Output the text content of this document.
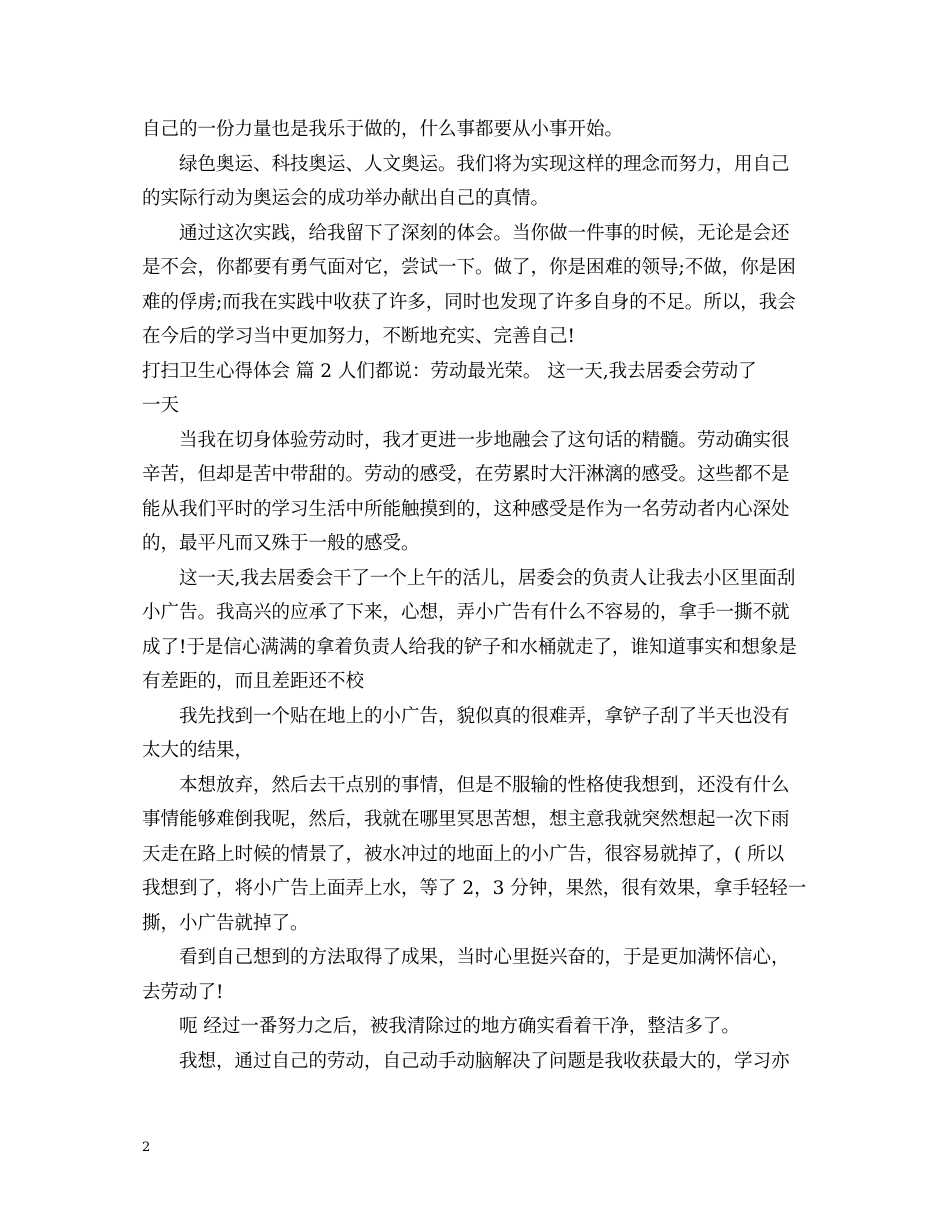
自己的一份力量也是我乐于做的，什么事都要从小事开始。
绿色奥运、科技奥运、人文奥运。我们将为实现这样的理念而努力，用自己
的实际行动为奥运会的成功举办献出自己的真情。
通过这次实践，给我留下了深刻的体会。当你做一件事的时候，无论是会还
是不会，你都要有勇气面对它，尝试一下。做了，你是困难的领导;不做，你是困
难的俘虏;而我在实践中收获了许多，同时也发现了许多自身的不足。所以，我会
在今后的学习当中更加努力，不断地充实、完善自己!
打扫卫生心得体会 篇 2 人们都说：劳动最光荣。 这一天,我去居委会劳动了
一天
当我在切身体验劳动时，我才更进一步地融会了这句话的精髓。劳动确实很
辛苦，但却是苦中带甜的。劳动的感受，在劳累时大汗淋漓的感受。这些都不是
能从我们平时的学习生活中所能触摸到的，这种感受是作为一名劳动者内心深处
的，最平凡而又殊于一般的感受。
这一天,我去居委会干了一个上午的活儿，居委会的负责人让我去小区里面刮
小广告。我高兴的应承了下来，心想，弄小广告有什么不容易的，拿手一撕不就
成了!于是信心满满的拿着负责人给我的铲子和水桶就走了，谁知道事实和想象是
有差距的，而且差距还不校
我先找到一个贴在地上的小广告，貌似真的很难弄，拿铲子刮了半天也没有
太大的结果，
本想放弃，然后去干点别的事情，但是不服输的性格使我想到，还没有什么
事情能够难倒我呢，然后，我就在哪里冥思苦想，想主意我就突然想起一次下雨
天走在路上时候的情景了，被水冲过的地面上的小广告，很容易就掉了，( 所以
我想到了，将小广告上面弄上水，等了 2，3 分钟，果然，很有效果，拿手轻轻一
撕，小广告就掉了。
看到自己想到的方法取得了成果，当时心里挺兴奋的，于是更加满怀信心，
去劳动了!
呃 经过一番努力之后，被我清除过的地方确实看着干净，整洁多了。
我想，通过自己的劳动，自己动手动脑解决了问题是我收获最大的，学习亦
2
